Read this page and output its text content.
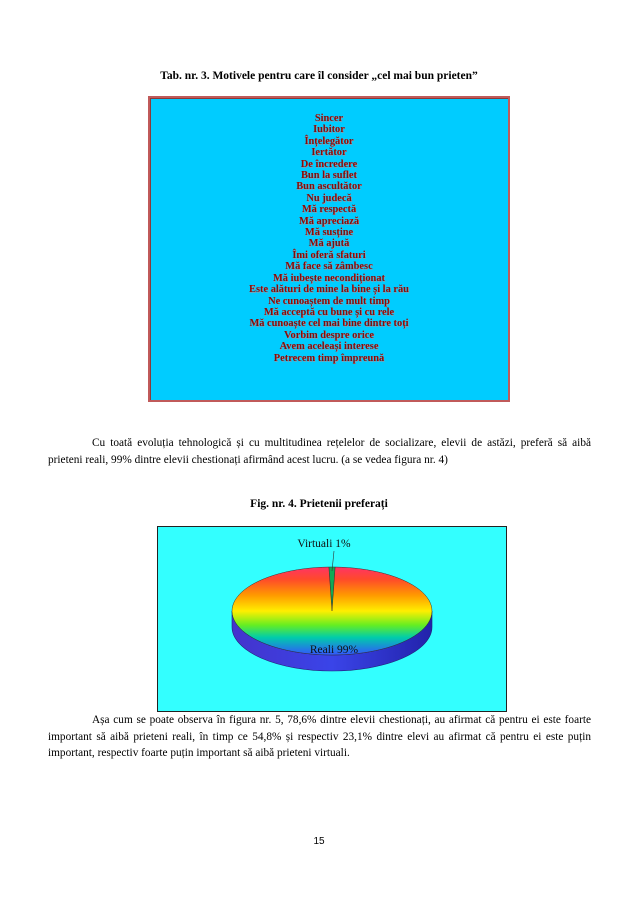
Tab. nr. 3. Motivele pentru care îl consider „cel mai bun prieten”
Sincer
Iubitor
Înțelegător
Iertător
De încredere
Bun la suflet
Bun ascultător
Nu judecă
Mă respectă
Mă apreciază
Mă susține
Mă ajută
Îmi oferă sfaturi
Mă face să zâmbesc
Mă iubește necondiționat
Este alături de mine la bine și la rău
Ne cunoaștem de mult timp
Mă acceptă cu bune și cu rele
Mă cunoaște cel mai bine dintre toți
Vorbim despre orice
Avem aceleași interese
Petrecem timp împreună

Cu toată evoluția tehnologică și cu multitudinea rețelelor de socializare, elevii de astăzi, preferă să aibă prieteni reali, 99% dintre elevii chestionați afirmând acest lucru. (a se vedea figura nr. 4)

Fig. nr. 4. Prietenii preferați
Virtuali 1%
Reali 99%

Așa cum se poate observa în figura nr. 5, 78,6% dintre elevii chestionați, au afirmat că pentru ei este foarte important să aibă prieteni reali, în timp ce 54,8% și respectiv 23,1% dintre elevi au afirmat că pentru ei este puțin important, respectiv foarte puțin important să aibă prieteni virtuali.

15
